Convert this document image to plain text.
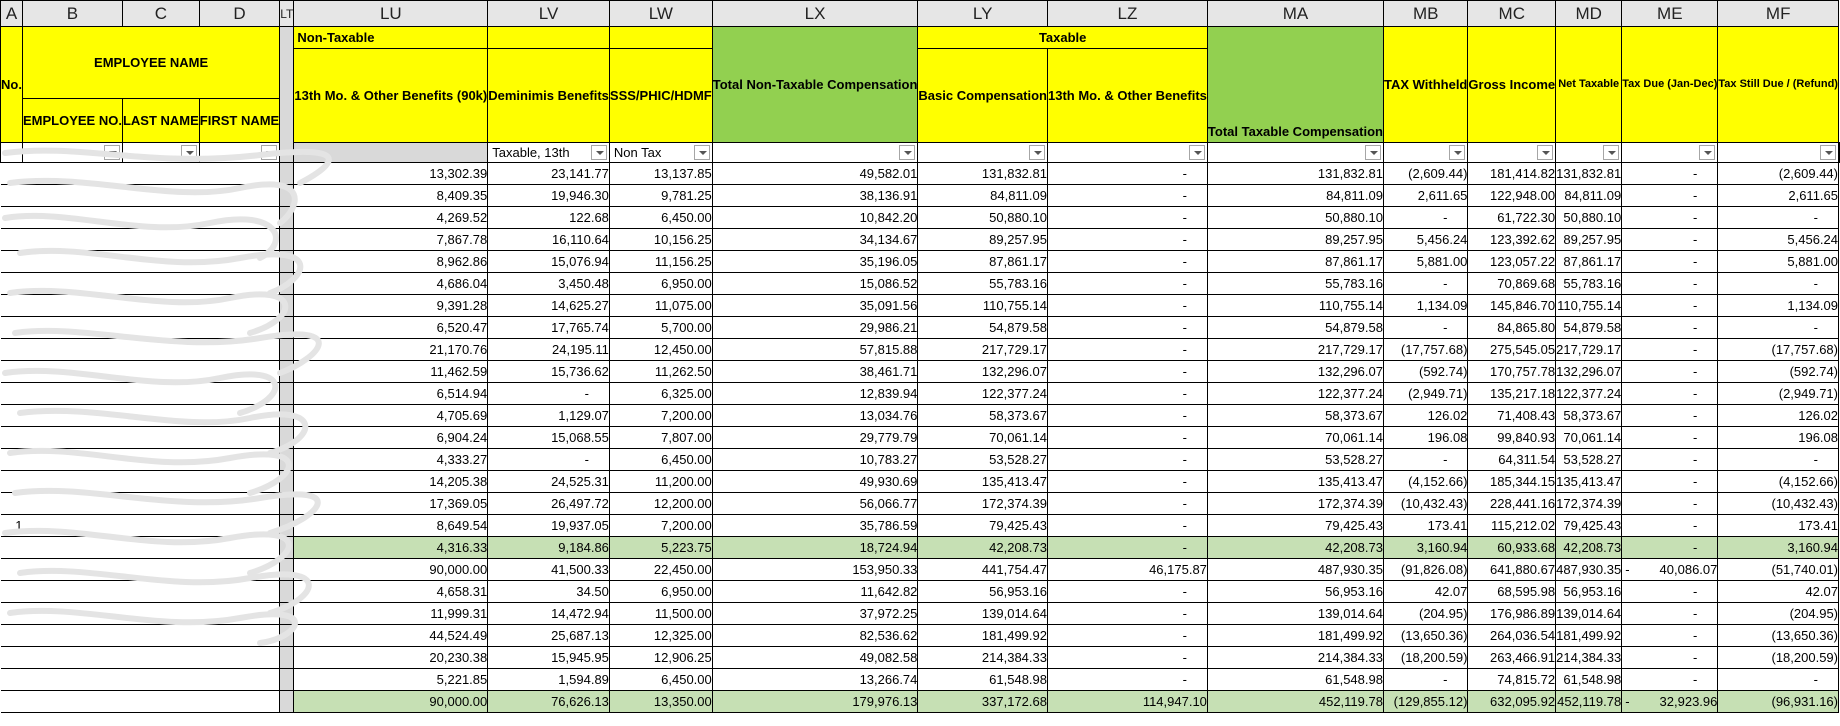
A	B	C	D	LT	LU	LV	LW	LX	LY	LZ	MA	MB	MC	MD	ME	MF	
No.	EMPLOYEE NAME				Non-Taxable			Total Non-Taxable Compensation	Taxable		Total Taxable Compensation	TAX Withheld	Gross Income	Net Taxable	Tax Due (Jan-Dec)	Tax Still Due / (Refund)	
					13th Mo. & Other Benefits (90k)	Deminimis Benefits	SSS/PHIC/HDMF		Basic Compensation	13th Mo. & Other Benefits							
	EMPLOYEE NO.	LAST NAME	FIRST NAME														

						Taxable, 13th	Non Tax										

					13,302.39	23,141.77	13,137.85	49,582.01	131,832.81	-	131,832.81	(2,609.44)	181,414.82	131,832.81	-	(2,609.44)	
					8,409.35	19,946.30	9,781.25	38,136.91	84,811.09	-	84,811.09	2,611.65	122,948.00	84,811.09	-	2,611.65	
					4,269.52	122.68	6,450.00	10,842.20	50,880.10	-	50,880.10	-	61,722.30	50,880.10	-	-	
					7,867.78	16,110.64	10,156.25	34,134.67	89,257.95	-	89,257.95	5,456.24	123,392.62	89,257.95	-	5,456.24	
					8,962.86	15,076.94	11,156.25	35,196.05	87,861.17	-	87,861.17	5,881.00	123,057.22	87,861.17	-	5,881.00	
					4,686.04	3,450.48	6,950.00	15,086.52	55,783.16	-	55,783.16	-	70,869.68	55,783.16	-	-	
					9,391.28	14,625.27	11,075.00	35,091.56	110,755.14	-	110,755.14	1,134.09	145,846.70	110,755.14	-	1,134.09	
					6,520.47	17,765.74	5,700.00	29,986.21	54,879.58	-	54,879.58	-	84,865.80	54,879.58	-	-	
					21,170.76	24,195.11	12,450.00	57,815.88	217,729.17	-	217,729.17	(17,757.68)	275,545.05	217,729.17	-	(17,757.68)	
					11,462.59	15,736.62	11,262.50	38,461.71	132,296.07	-	132,296.07	(592.74)	170,757.78	132,296.07	-	(592.74)	
					6,514.94	-	6,325.00	12,839.94	122,377.24	-	122,377.24	(2,949.71)	135,217.18	122,377.24	-	(2,949.71)	
					4,705.69	1,129.07	7,200.00	13,034.76	58,373.67	-	58,373.67	126.02	71,408.43	58,373.67	-	126.02	
					6,904.24	15,068.55	7,807.00	29,779.79	70,061.14	-	70,061.14	196.08	99,840.93	70,061.14	-	196.08	
					4,333.27	-	6,450.00	10,783.27	53,528.27	-	53,528.27	-	64,311.54	53,528.27	-	-	
					14,205.38	24,525.31	11,200.00	49,930.69	135,413.47	-	135,413.47	(4,152.66)	185,344.15	135,413.47	-	(4,152.66)	
					17,369.05	26,497.72	12,200.00	56,066.77	172,374.39	-	172,374.39	(10,432.43)	228,441.16	172,374.39	-	(10,432.43)	
1					8,649.54	19,937.05	7,200.00	35,786.59	79,425.43	-	79,425.43	173.41	115,212.02	79,425.43	-	173.41	
					4,316.33	9,184.86	5,223.75	18,724.94	42,208.73	-	42,208.73	3,160.94	60,933.68	42,208.73	-	3,160.94	
					90,000.00	41,500.33	22,450.00	153,950.33	441,754.47	46,175.87	487,930.35	(91,826.08)	641,880.67	487,930.35	- 40,086.07	(51,740.01)	
					4,658.31	34.50	6,950.00	11,642.82	56,953.16	-	56,953.16	42.07	68,595.98	56,953.16	-	42.07	
					11,999.31	14,472.94	11,500.00	37,972.25	139,014.64	-	139,014.64	(204.95)	176,986.89	139,014.64	-	(204.95)	
					44,524.49	25,687.13	12,325.00	82,536.62	181,499.92	-	181,499.92	(13,650.36)	264,036.54	181,499.92	-	(13,650.36)	
					20,230.38	15,945.95	12,906.25	49,082.58	214,384.33	-	214,384.33	(18,200.59)	263,466.91	214,384.33	-	(18,200.59)	
					5,221.85	1,594.89	6,450.00	13,266.74	61,548.98	-	61,548.98	-	74,815.72	61,548.98	-	-	
					90,000.00	76,626.13	13,350.00	179,976.13	337,172.68	114,947.10	452,119.78	(129,855.12)	632,095.92	452,119.78	- 32,923.96	(96,931.16)	
